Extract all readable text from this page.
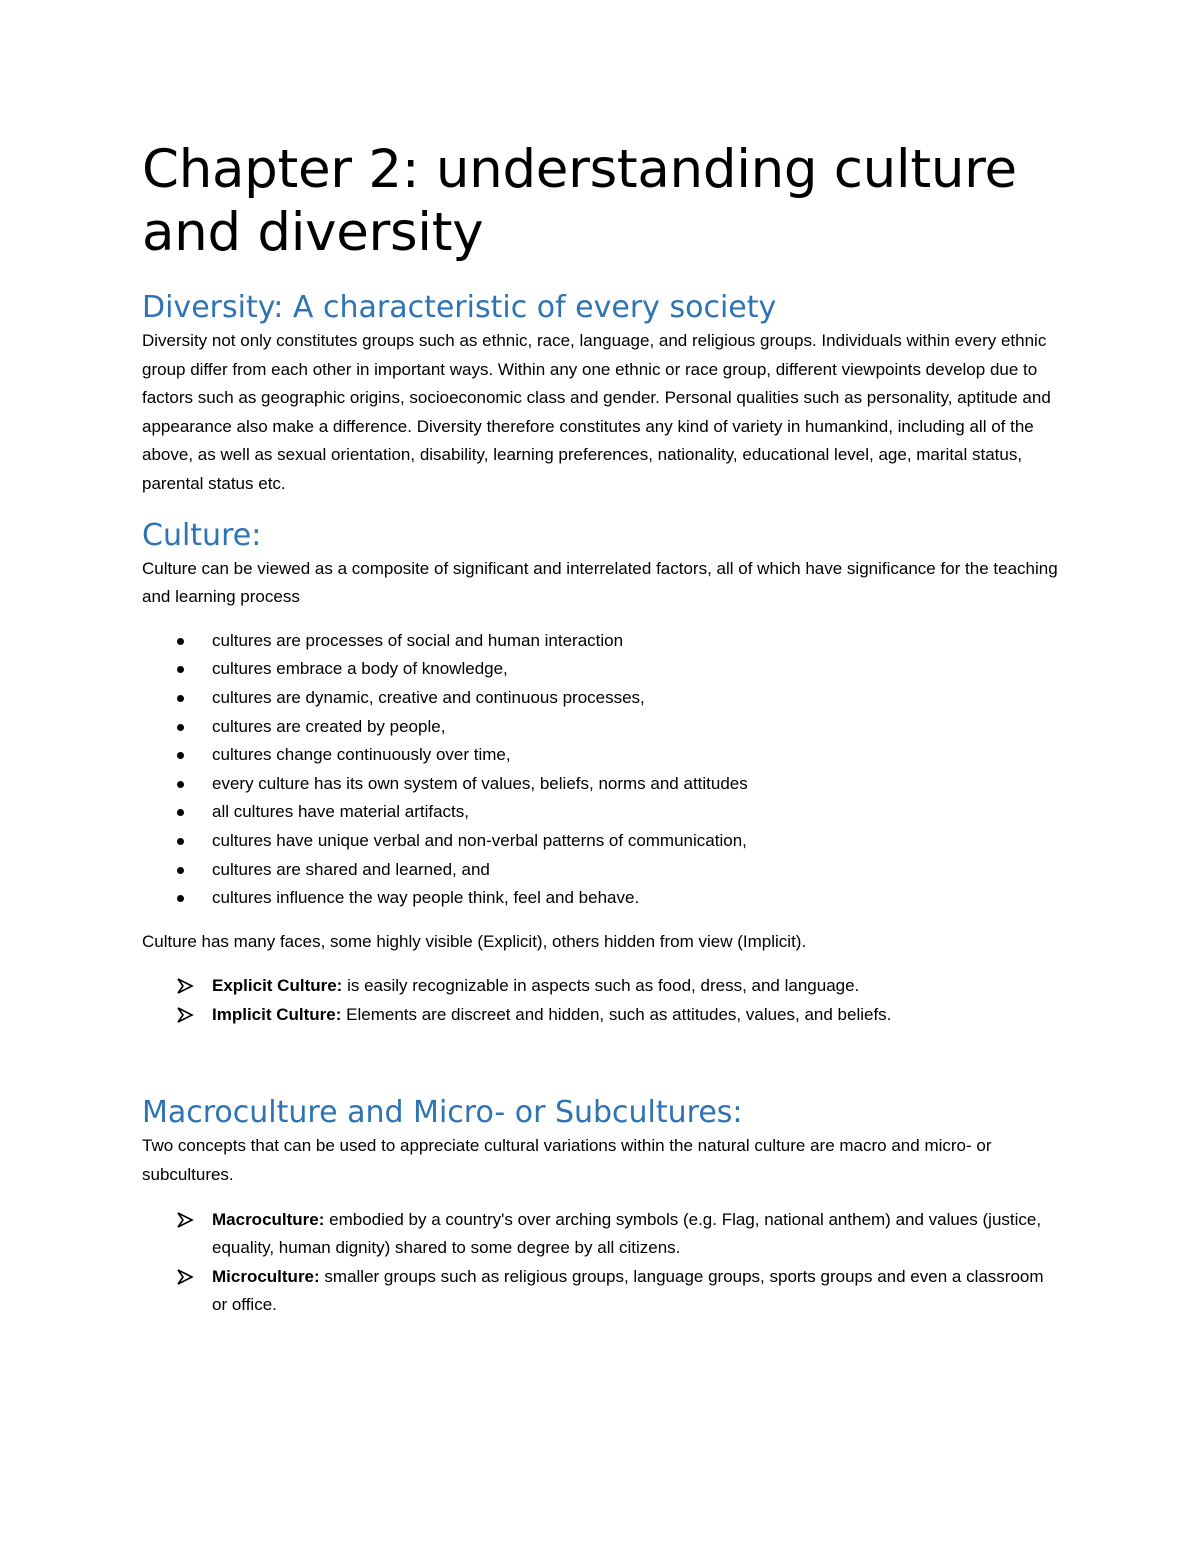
Chapter 2: understanding culture and diversity
Diversity: A characteristic of every society

Diversity not only constitutes groups such as ethnic, race, language, and religious groups. Individuals within every ethnic group differ from each other in important ways. Within any one ethnic or race group, different viewpoints develop due to factors such as geographic origins, socioeconomic class and gender. Personal qualities such as personality, aptitude and appearance also make a difference. Diversity therefore constitutes any kind of variety in humankind, including all of the above, as well as sexual orientation, disability, learning preferences, nationality, educational level, age, marital status, parental status etc.

Culture:

Culture can be viewed as a composite of significant and interrelated factors, all of which have significance for the teaching and learning process

cultures are processes of social and human interaction
cultures embrace a body of knowledge,
cultures are dynamic, creative and continuous processes,
cultures are created by people,
cultures change continuously over time,
every culture has its own system of values, beliefs, norms and attitudes
all cultures have material artifacts,
cultures have unique verbal and non-verbal patterns of communication,
cultures are shared and learned, and
cultures influence the way people think, feel and behave.

Culture has many faces, some highly visible (Explicit), others hidden from view (Implicit).

Explicit Culture: is easily recognizable in aspects such as food, dress, and language.
Implicit Culture: Elements are discreet and hidden, such as attitudes, values, and beliefs.
Macroculture and Micro- or Subcultures:

Two concepts that can be used to appreciate cultural variations within the natural culture are macro and micro- or subcultures.

Macroculture: embodied by a country's over arching symbols (e.g. Flag, national anthem) and values (justice, equality, human dignity) shared to some degree by all citizens.
Microculture: smaller groups such as religious groups, language groups, sports groups and even a classroom or office.
